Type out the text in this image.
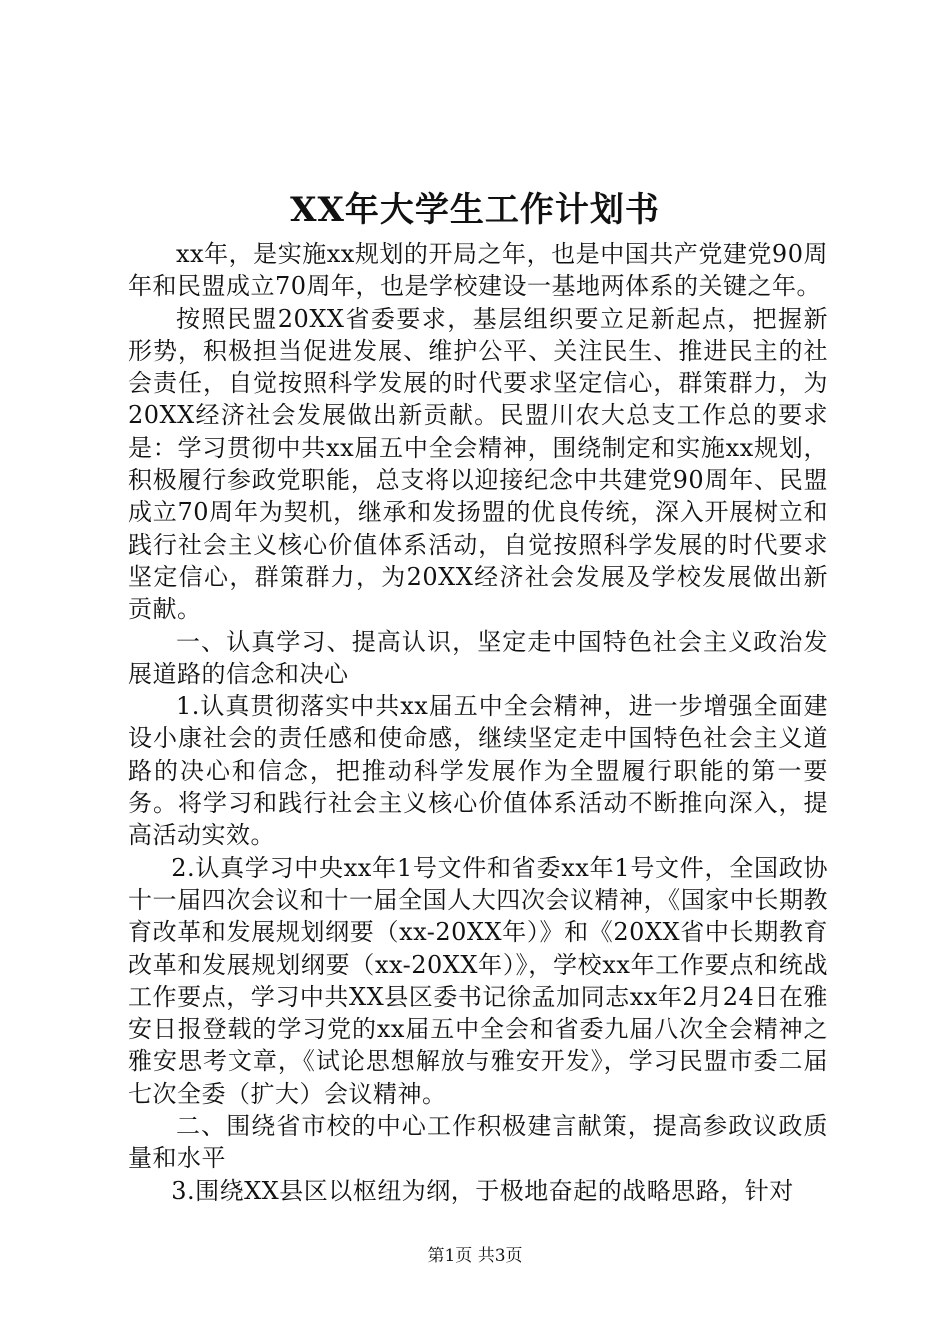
XX年大学生工作计划书

xx年，是实施xx规划的开局之年，也是中国共产党建党90周年和民盟成立70周年，也是学校建设一基地两体系的关键之年。

按照民盟20XX省委要求，基层组织要立足新起点，把握新形势，积极担当促进发展、维护公平、关注民生、推进民主的社会责任，自觉按照科学发展的时代要求坚定信心，群策群力，为20XX经济社会发展做出新贡献。民盟川农大总支工作总的要求是：学习贯彻中共xx届五中全会精神，围绕制定和实施xx规划，积极履行参政党职能，总支将以迎接纪念中共建党90周年、民盟成立70周年为契机，继承和发扬盟的优良传统，深入开展树立和践行社会主义核心价值体系活动，自觉按照科学发展的时代要求坚定信心，群策群力，为20XX经济社会发展及学校发展做出新贡献。

一、认真学习、提高认识，坚定走中国特色社会主义政治发展道路的信念和决心

1.认真贯彻落实中共xx届五中全会精神，进一步增强全面建设小康社会的责任感和使命感，继续坚定走中国特色社会主义道路的决心和信念，把推动科学发展作为全盟履行职能的第一要务。将学习和践行社会主义核心价值体系活动不断推向深入，提高活动实效。

2.认真学习中央xx年1号文件和省委xx年1号文件，全国政协十一届四次会议和十一届全国人大四次会议精神，《国家中长期教育改革和发展规划纲要（xx-20XX年）》和《20XX省中长期教育改革和发展规划纲要（xx-20XX年）》，学校xx年工作要点和统战工作要点，学习中共XX县区委书记徐孟加同志xx年2月24日在雅安日报登载的学习党的xx届五中全会和省委九届八次全会精神之雅安思考文章，《试论思想解放与雅安开发》，学习民盟市委二届七次全委（扩大）会议精神。

二、围绕省市校的中心工作积极建言献策，提高参政议政质量和水平

3.围绕XX县区以枢纽为纲，于极地奋起的战略思路，针对

第1页 共3页
